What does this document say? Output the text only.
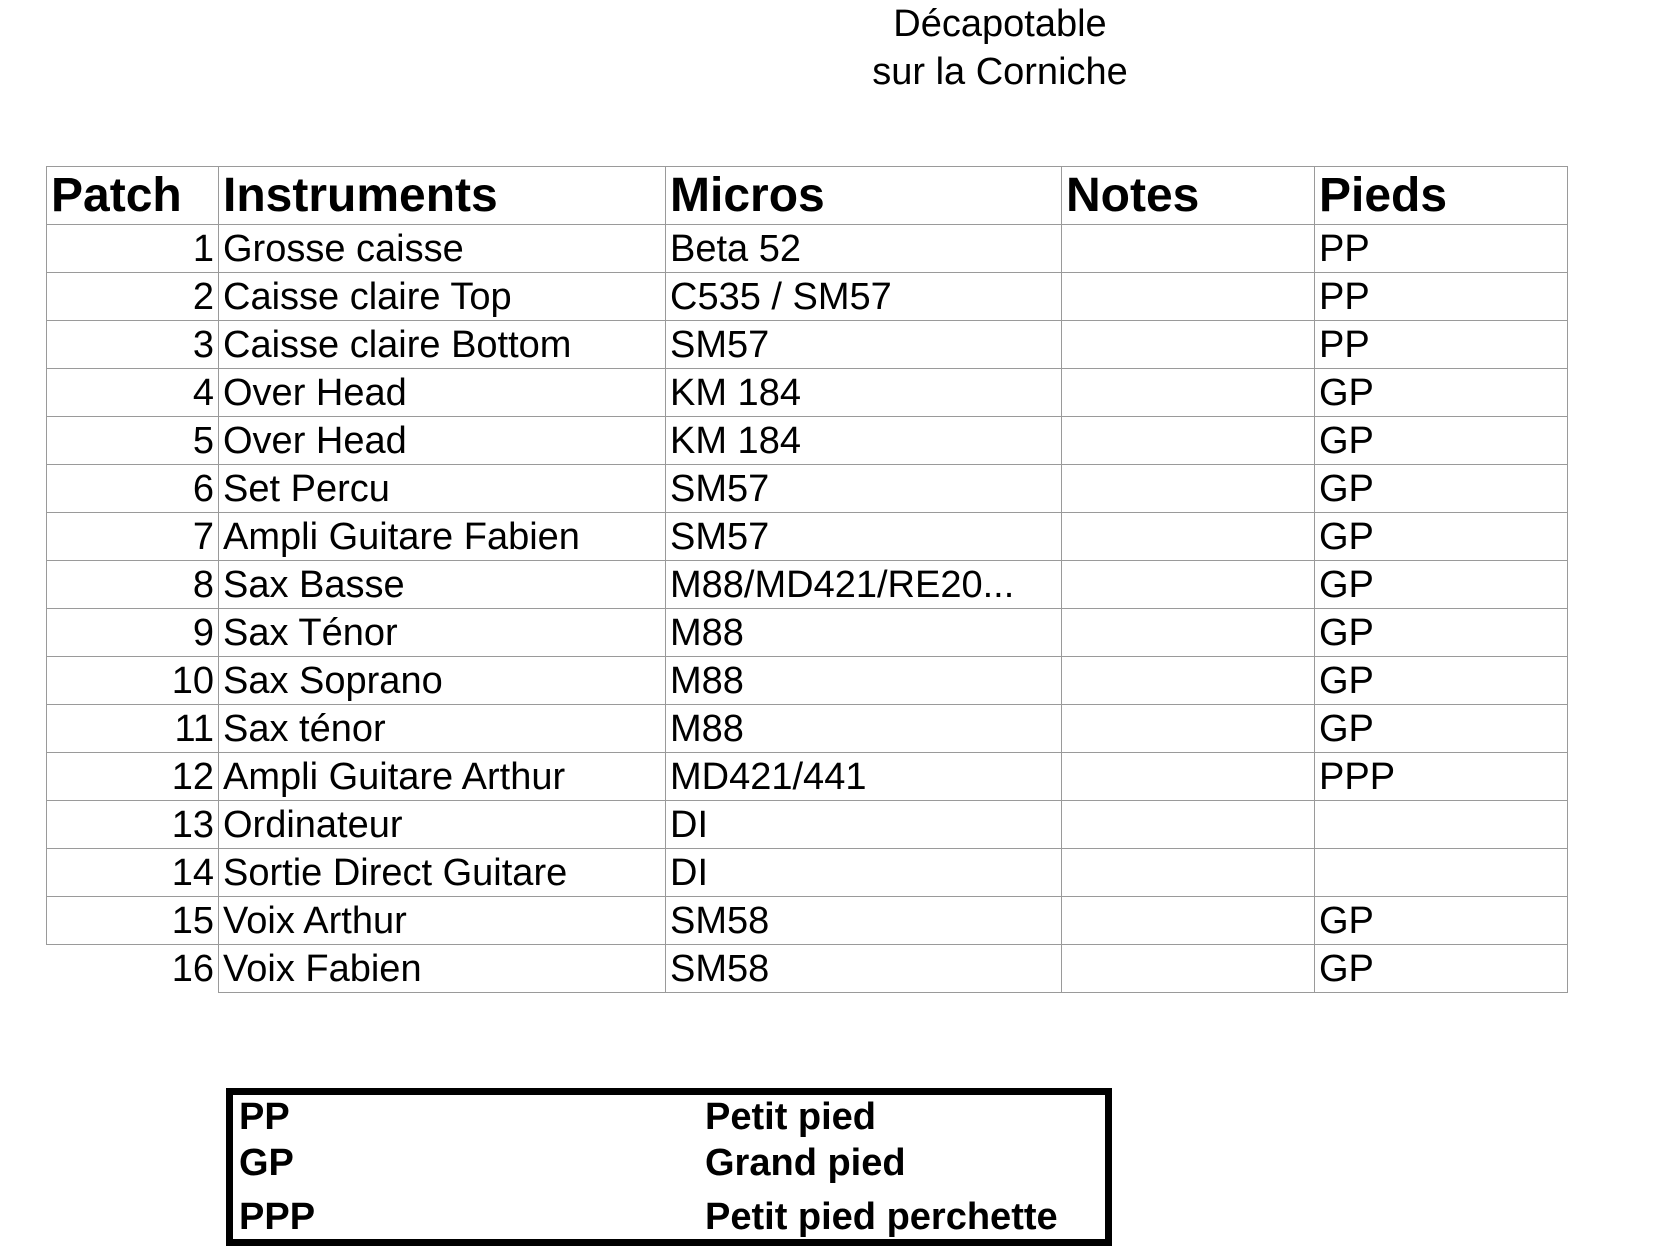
Décapotable
sur la Corniche
Patch	Instruments	Micros	Notes	Pieds
1	Grosse caisse	Beta 52		PP
2	Caisse claire Top	C535 / SM57		PP
3	Caisse claire Bottom	SM57		PP
4	Over Head	KM 184		GP
5	Over Head	KM 184		GP
6	Set Percu	SM57		GP
7	Ampli Guitare Fabien	SM57		GP
8	Sax Basse	M88/MD421/RE20...		GP
9	Sax Ténor	M88		GP
10	Sax Soprano	M88		GP
11	Sax ténor	M88		GP
12	Ampli Guitare Arthur	MD421/441		PPP
13	Ordinateur	DI		
14	Sortie Direct Guitare	DI		
15	Voix Arthur	SM58		GP
16	Voix Fabien	SM58		GP
PP	Petit pied
GP	Grand pied
PPP	Petit pied perchette
